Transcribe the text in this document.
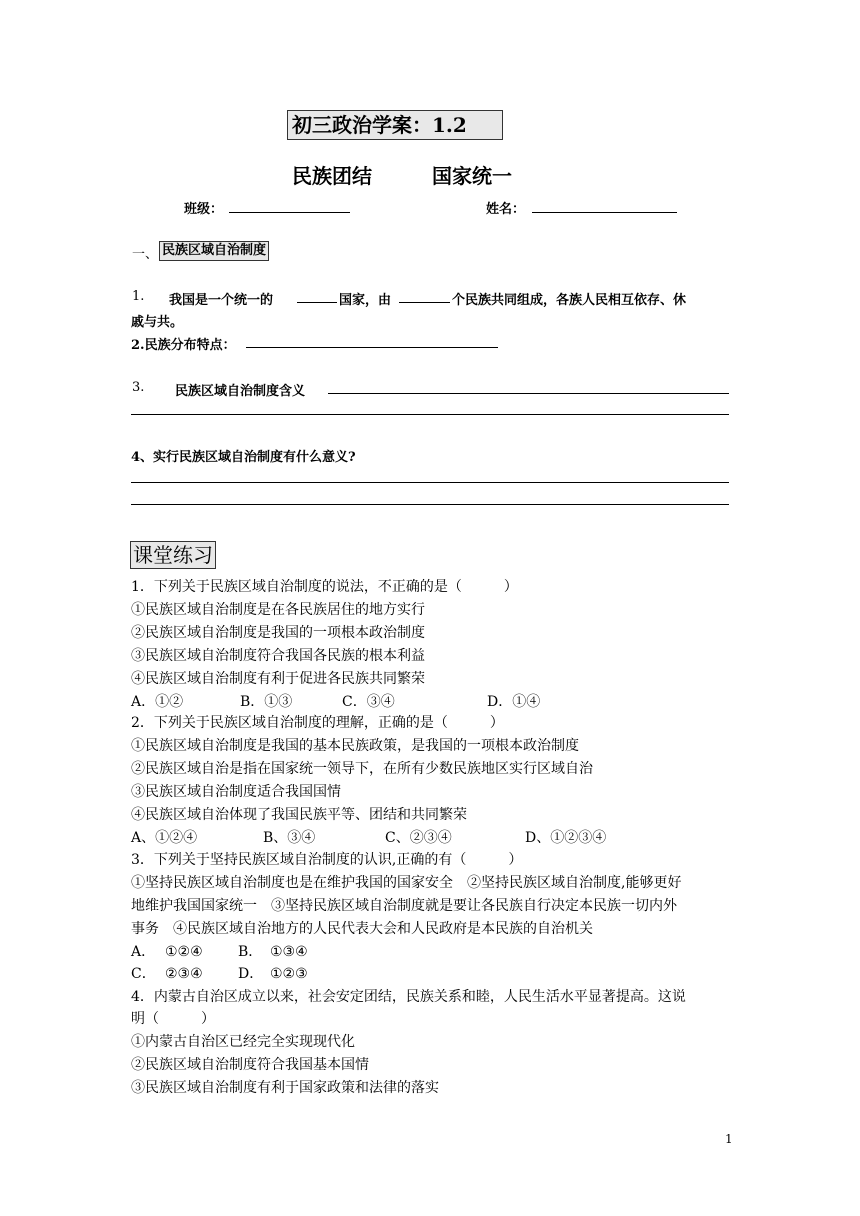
初三政治学案：1.2
民族团结	国家统一
班级：	姓名：
一、 民族区域自治制度
1. 我国是一个统一的	国家，由	个民族共同组成，各族人民相互依存、休
戚与共。
2.民族分布特点：
3. 民族区域自治制度含义
4、实行民族区域自治制度有什么意义?
课堂练习
1．下列关于民族区域自治制度的说法，不正确的是（　　　）
①民族区域自治制度是在各民族居住的地方实行
②民族区域自治制度是我国的一项根本政治制度
③民族区域自治制度符合我国各民族的根本利益
④民族区域自治制度有利于促进各民族共同繁荣
A．①②	B．①③	C．③④	D．①④
2．下列关于民族区域自治制度的理解，正确的是（　　　）
①民族区域自治制度是我国的基本民族政策，是我国的一项根本政治制度
②民族区域自治是指在国家统一领导下，在所有少数民族地区实行区域自治
③民族区域自治制度适合我国国情
④民族区域自治体现了我国民族平等、团结和共同繁荣
A、①②④	B、③④	C、②③④	D、①②③④
3．下列关于坚持民族区域自治制度的认识,正确的有（　　　）
①坚持民族区域自治制度也是在维护我国的国家安全　②坚持民族区域自治制度,能够更好
地维护我国国家统一　③坚持民族区域自治制度就是要让各民族自行决定本民族一切内外
事务　④民族区域自治地方的人民代表大会和人民政府是本民族的自治机关
A． ①②④	B． ①③④
C． ②③④	D． ①②③
4．内蒙古自治区成立以来，社会安定团结，民族关系和睦，人民生活水平显著提高。这说
明（　　　）
①内蒙古自治区已经完全实现现代化
②民族区域自治制度符合我国基本国情
③民族区域自治制度有利于国家政策和法律的落实
1
